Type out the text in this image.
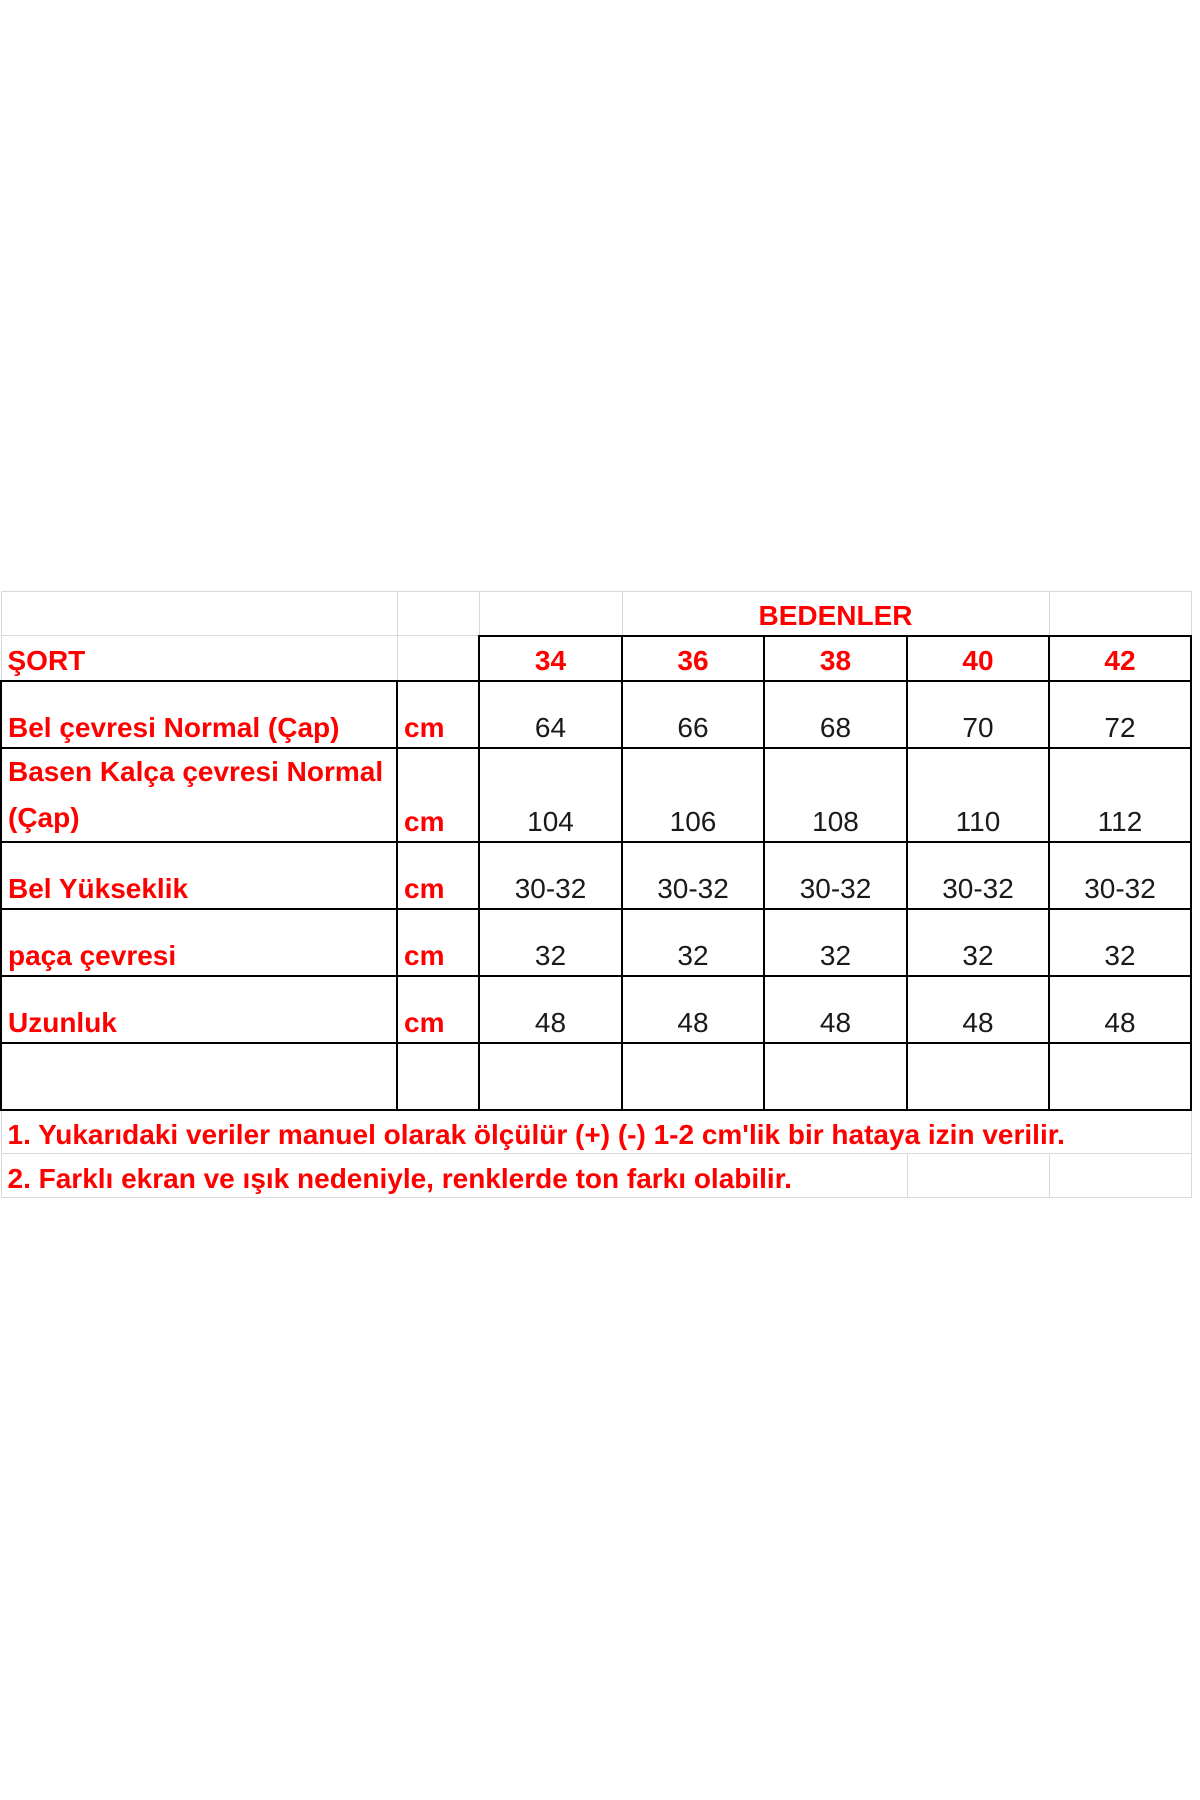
			BEDENLER			
ŞORT		34	36	38	40	42
Bel çevresi Normal (Çap)	cm	64	66	68	70	72
Basen Kalça çevresi Normal (Çap)	cm	104	106	108	110	112
Bel Yükseklik	cm	30-32	30-32	30-32	30-32	30-32
paça çevresi	cm	32	32	32	32	32
Uzunluk	cm	48	48	48	48	48

1. Yukarıdaki veriler manuel olarak ölçülür (+) (-) 1-2 cm'lik bir hataya izin verilir.						
2. Farklı ekran ve ışık nedeniyle, renklerde ton farkı olabilir.						
